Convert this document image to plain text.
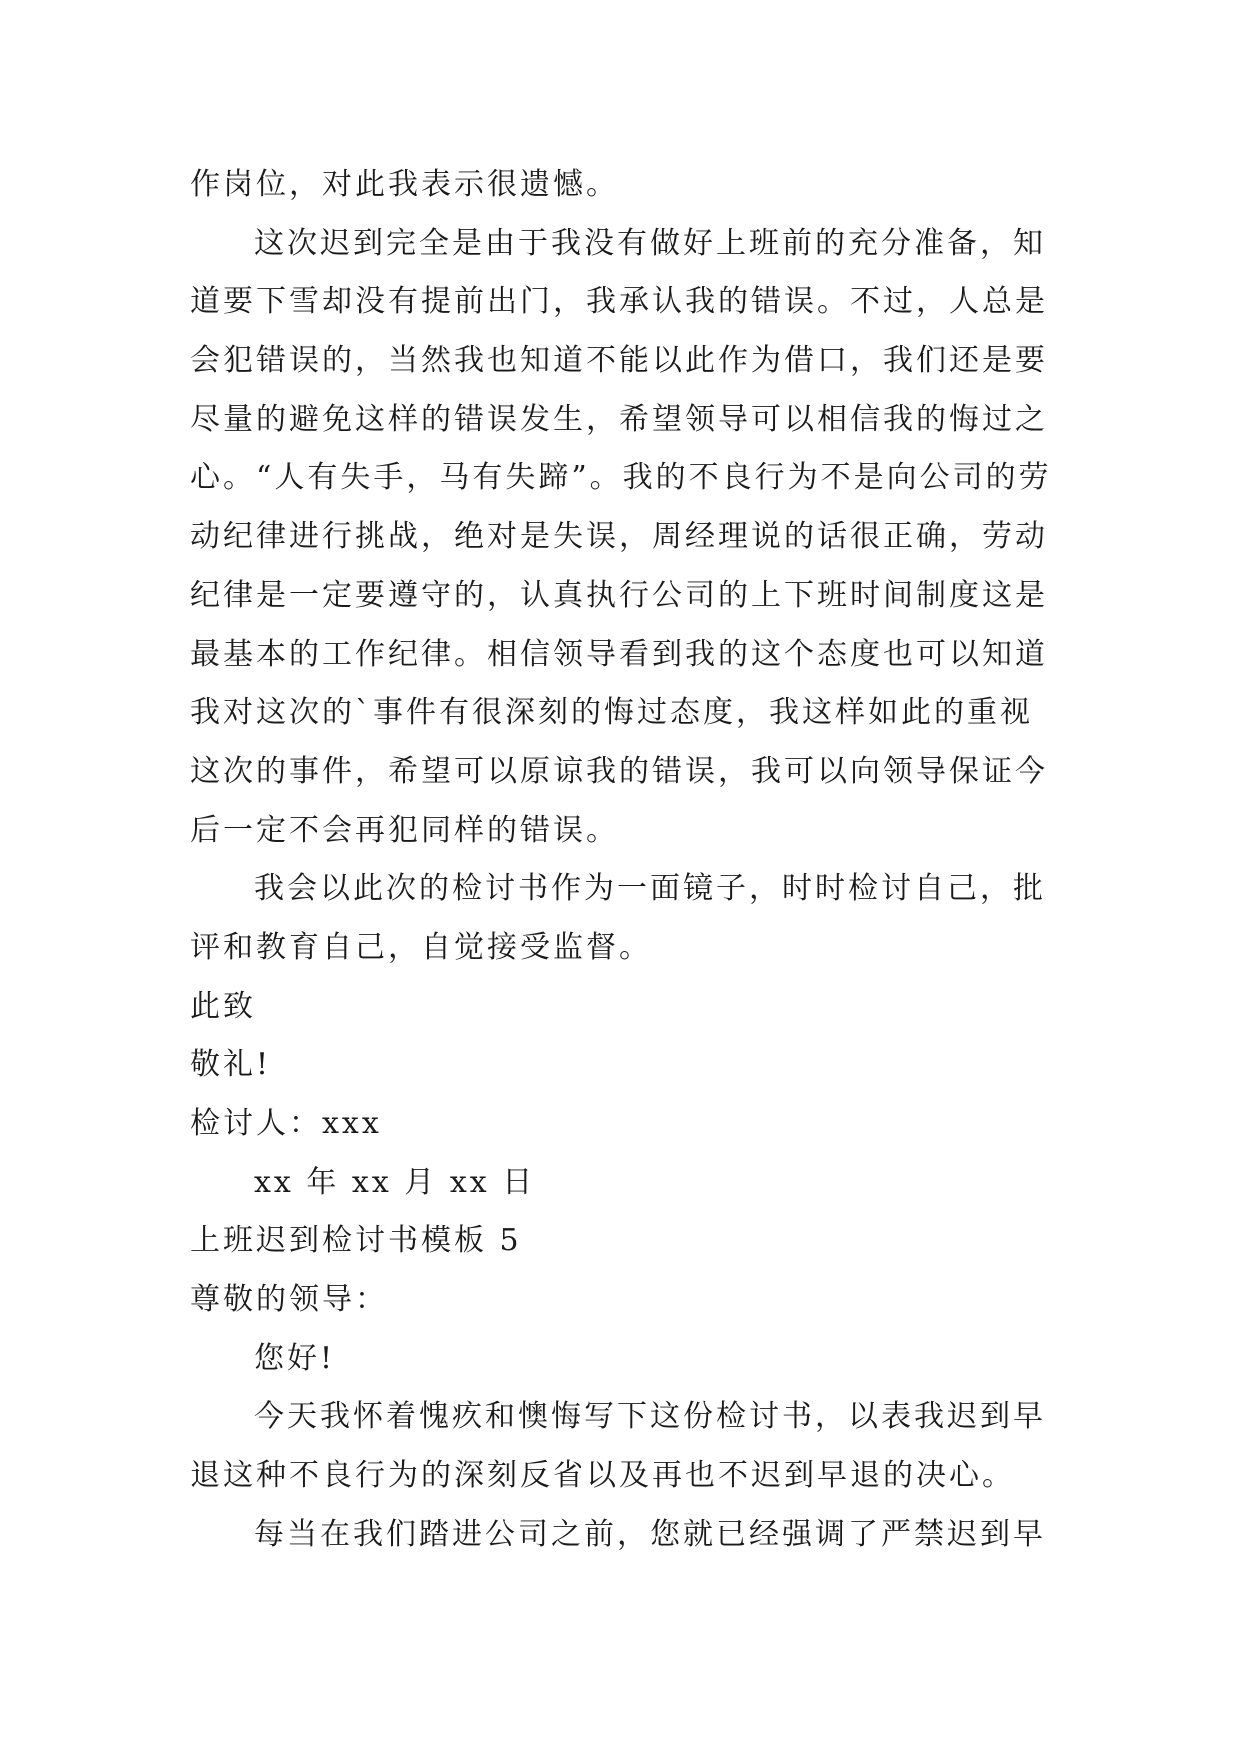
作岗位，对此我表示很遗憾。
这次迟到完全是由于我没有做好上班前的充分准备，知
道要下雪却没有提前出门，我承认我的错误。不过，人总是
会犯错误的，当然我也知道不能以此作为借口，我们还是要
尽量的避免这样的错误发生，希望领导可以相信我的悔过之
心。“人有失手，马有失蹄”。我的不良行为不是向公司的劳
动纪律进行挑战，绝对是失误，周经理说的话很正确，劳动
纪律是一定要遵守的，认真执行公司的上下班时间制度这是
最基本的工作纪律。相信领导看到我的这个态度也可以知道
我对这次的`事件有很深刻的悔过态度，我这样如此的重视
这次的事件，希望可以原谅我的错误，我可以向领导保证今
后一定不会再犯同样的错误。
我会以此次的检讨书作为一面镜子，时时检讨自己，批
评和教育自己，自觉接受监督。
此致
敬礼!
检讨人：xxx
xx 年 xx 月 xx 日
上班迟到检讨书模板 5
尊敬的领导：
您好!
今天我怀着愧疚和懊悔写下这份检讨书，以表我迟到早
退这种不良行为的深刻反省以及再也不迟到早退的决心。
每当在我们踏进公司之前，您就已经强调了严禁迟到早
